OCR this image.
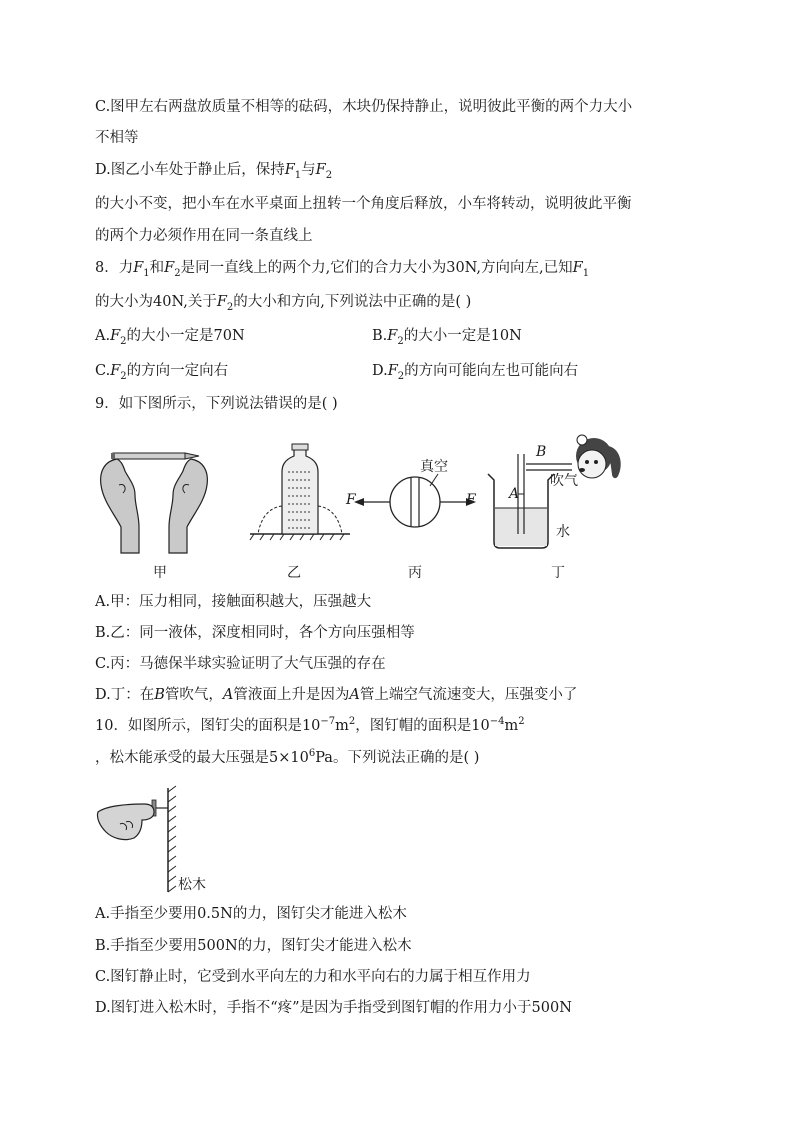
C.图甲左右两盘放质量不相等的砝码，木块仍保持静止，说明彼此平衡的两个力大小
不相等
D.图乙小车处于静止后，保持$F_1$与$F_2$
的大小不变，把小车在水平桌面上扭转一个角度后释放，小车将转动，说明彼此平衡
的两个力必须作用在同一条直线上
8．力$F_1$和$F_2$是同一直线上的两个力,它们的合力大小为30N,方向向左,已知$F_1$
的大小为40N,关于$F_2$的大小和方向,下列说法中正确的是( )
$A.F_2$的大小一定是70N	$B.F_2$的大小一定是10N
$C.F_2$的方向一定向右	$D.F_2$的方向可能向左也可能向右
9．如下图所示，下列说法错误的是( )
真空
F	F
B
A
吹气
水
甲	乙	丙	丁
A.甲：压力相同，接触面积越大，压强越大
B.乙：同一液体，深度相同时，各个方向压强相等
C.丙：马德保半球实验证明了大气压强的存在
D.丁：在B管吹气，A管液面上升是因为A管上端空气流速变大，压强变小了
10．如图所示，图钉尖的面积是$10^{-7}m^2$，图钉帽的面积是$10^{-4}m^2$
，松木能承受的最大压强是$5\times 10^6Pa$。下列说法正确的是( )
松木
A.手指至少要用0.5N的力，图钉尖才能进入松木
B.手指至少要用500N的力，图钉尖才能进入松木
C.图钉静止时，它受到水平向左的力和水平向右的力属于相互作用力
D.图钉进入松木时，手指不“疼”是因为手指受到图钉帽的作用力小于500N
